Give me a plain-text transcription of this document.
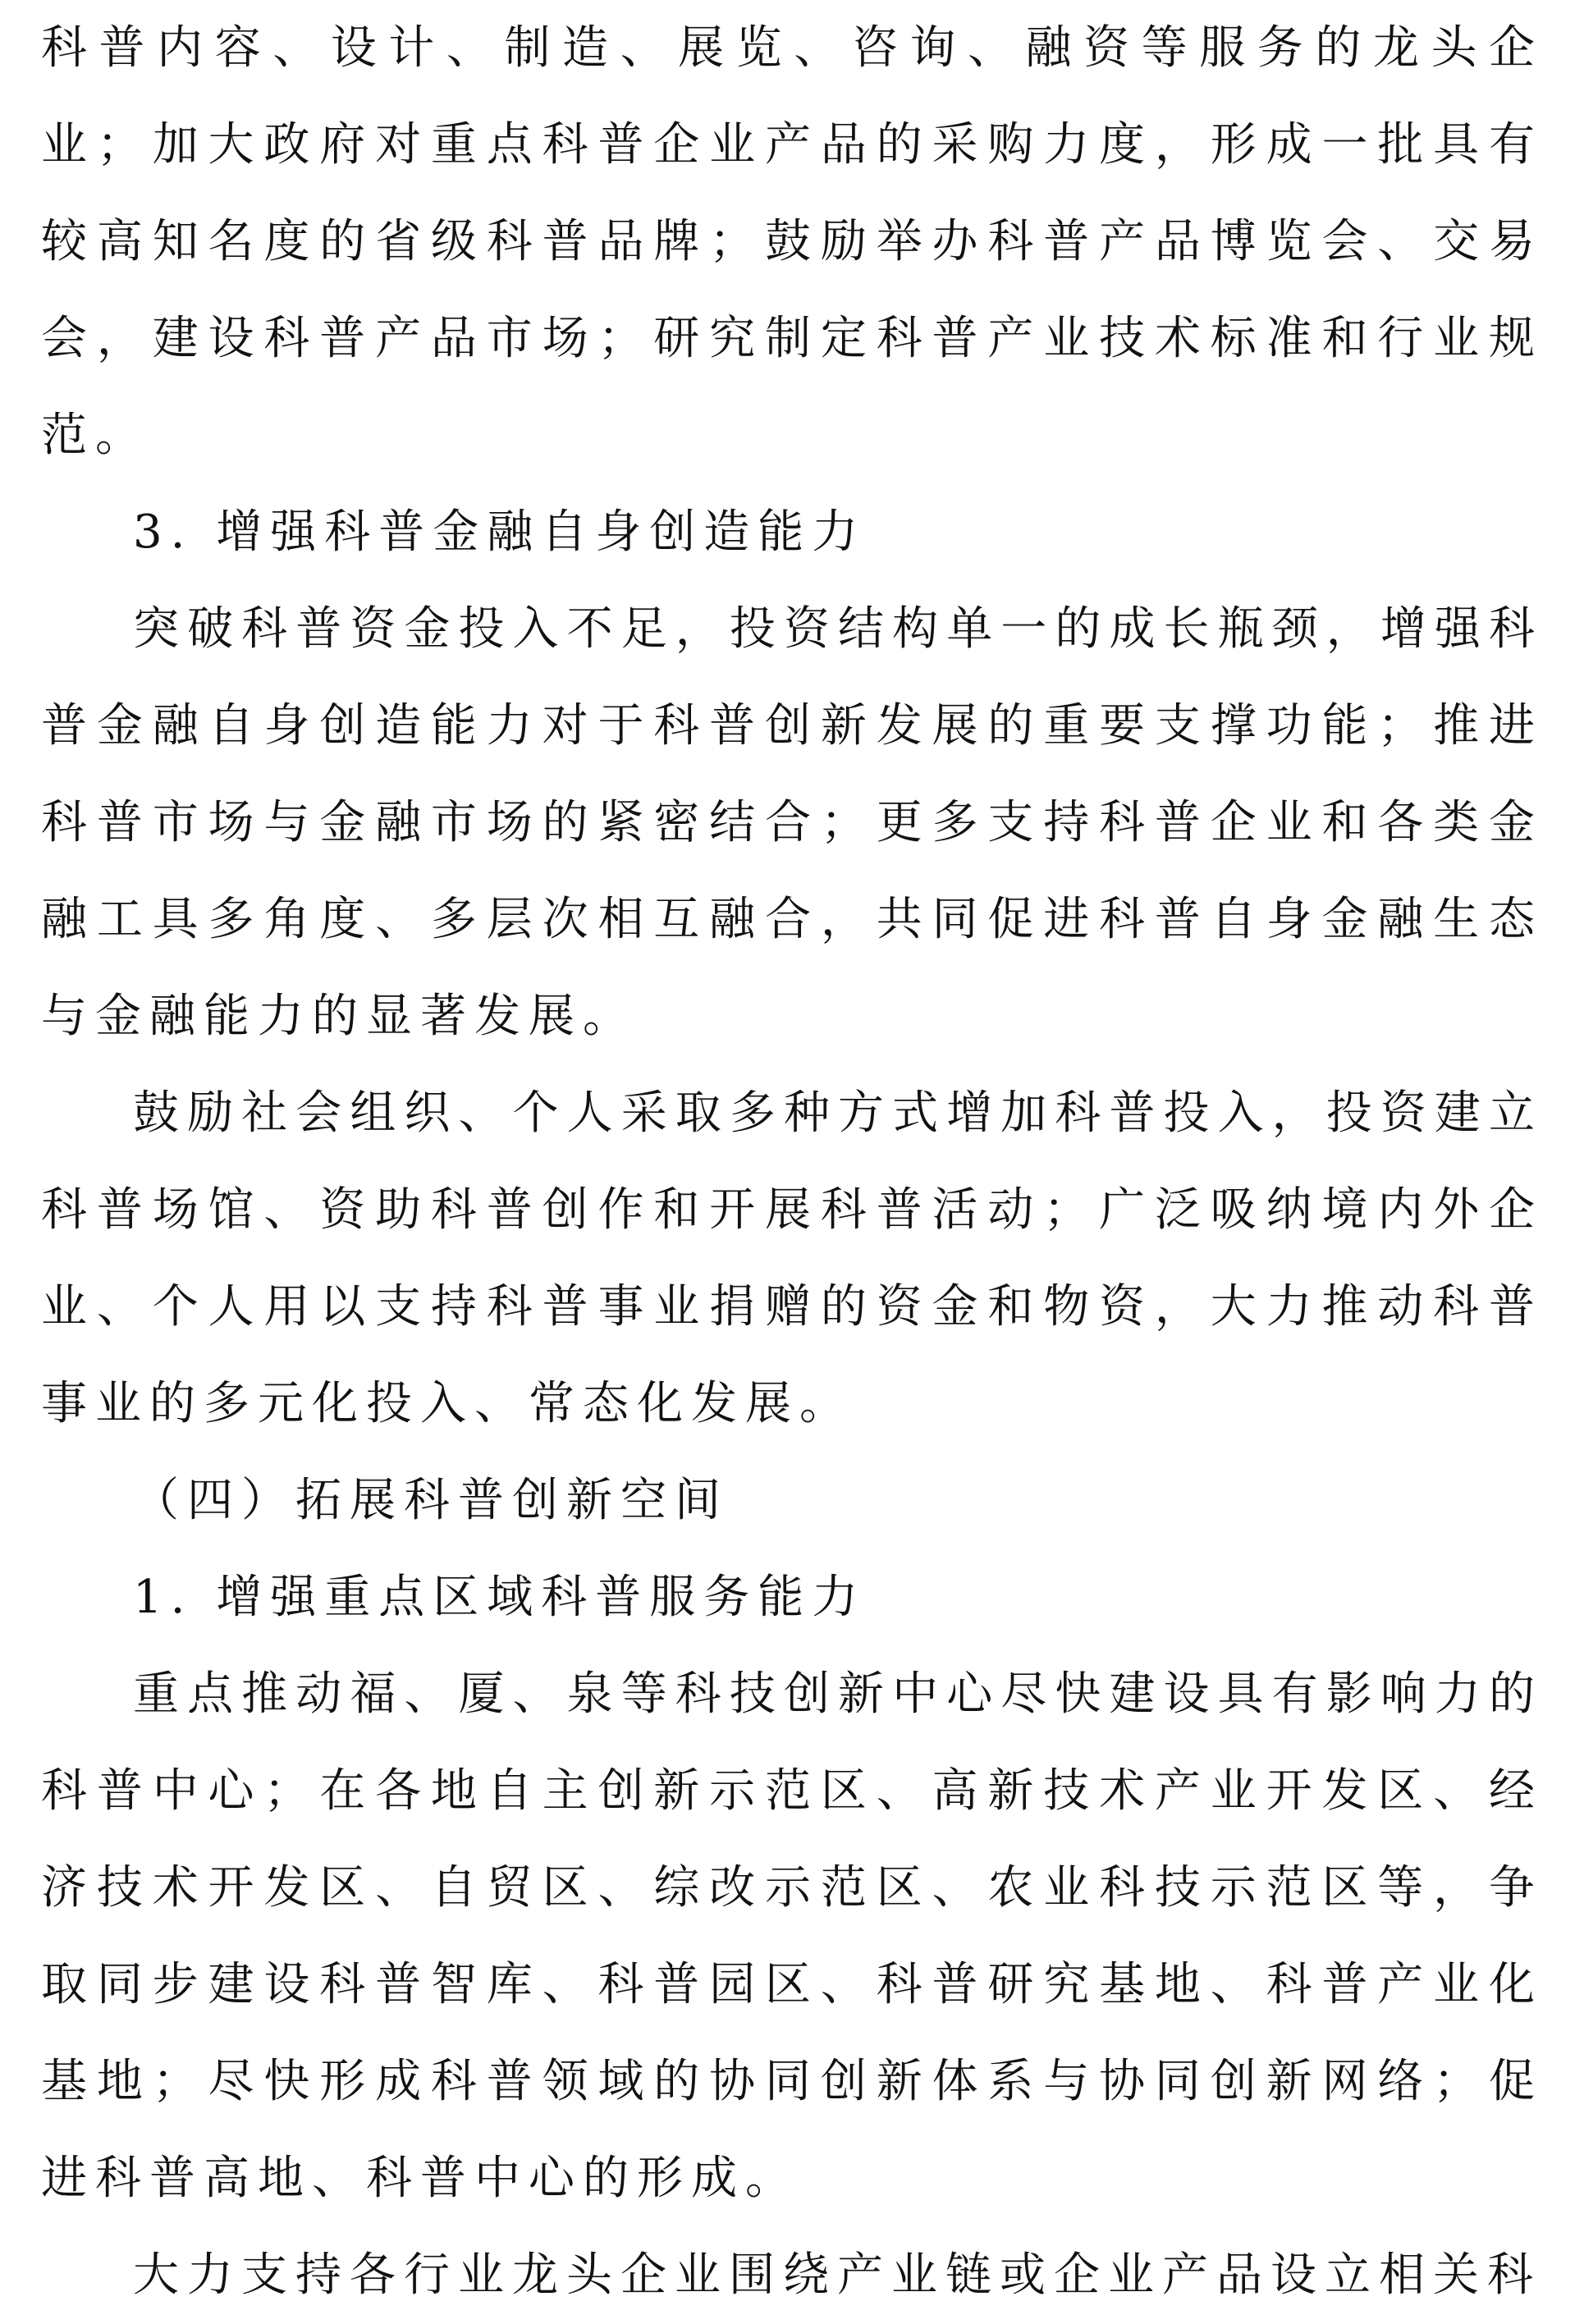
科普内容、设计、制造、展览、咨询、融资等服务的龙头企业；加大政府对重点科普企业产品的采购力度，形成一批具有较高知名度的省级科普品牌；鼓励举办科普产品博览会、交易会，建设科普产品市场；研究制定科普产业技术标准和行业规范。

3. 增强科普金融自身创造能力

突破科普资金投入不足，投资结构单一的成长瓶颈，增强科普金融自身创造能力对于科普创新发展的重要支撑功能；推进科普市场与金融市场的紧密结合；更多支持科普企业和各类金融工具多角度、多层次相互融合，共同促进科普自身金融生态与金融能力的显著发展。

鼓励社会组织、个人采取多种方式增加科普投入，投资建立科普场馆、资助科普创作和开展科普活动；广泛吸纳境内外企业、个人用以支持科普事业捐赠的资金和物资，大力推动科普事业的多元化投入、常态化发展。

（四）拓展科普创新空间

1. 增强重点区域科普服务能力

重点推动福、厦、泉等科技创新中心尽快建设具有影响力的科普中心；在各地自主创新示范区、高新技术产业开发区、经济技术开发区、自贸区、综改示范区、农业科技示范区等，争取同步建设科普智库、科普园区、科普研究基地、科普产业化基地；尽快形成科普领域的协同创新体系与协同创新网络；促进科普高地、科普中心的形成。

大力支持各行业龙头企业围绕产业链或企业产品设立相关科
